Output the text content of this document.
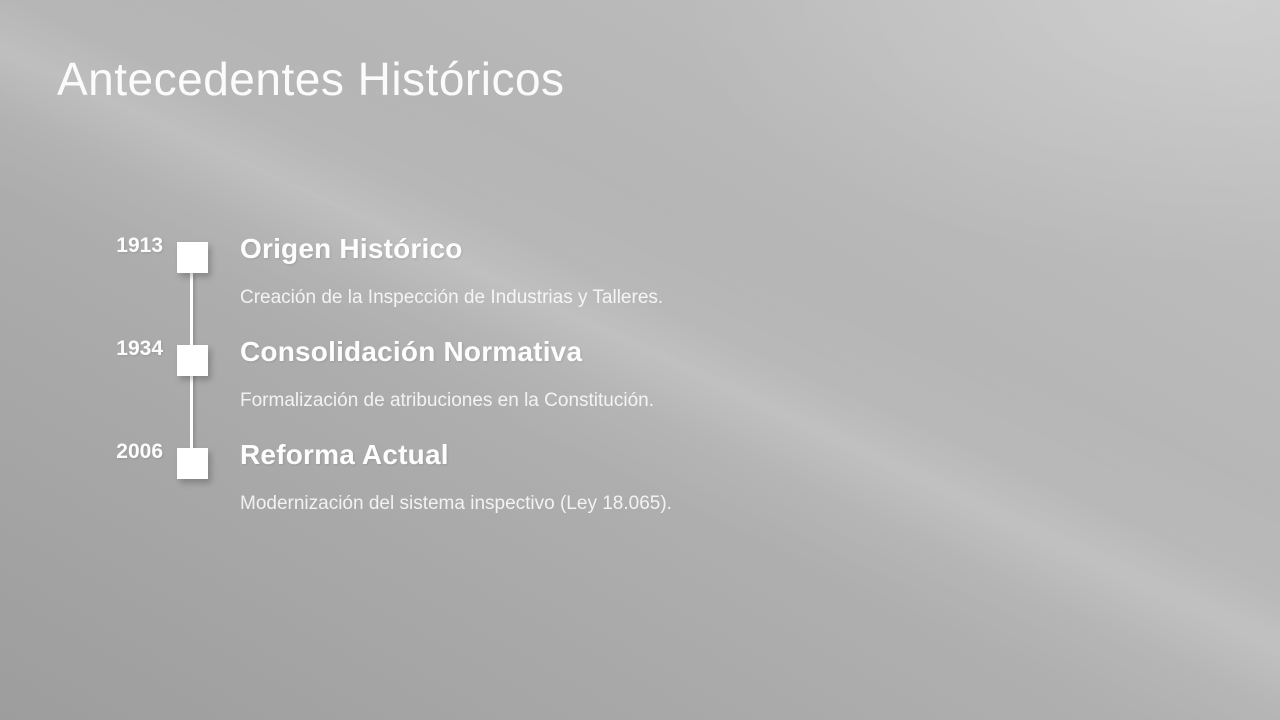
Antecedentes Históricos
1913	Origen Histórico

Creación de la Inspección de Industrias y Talleres.

1934	Consolidación Normativa

Formalización de atribuciones en la Constitución.

2006	Reforma Actual

Modernización del sistema inspectivo (Ley 18.065).
